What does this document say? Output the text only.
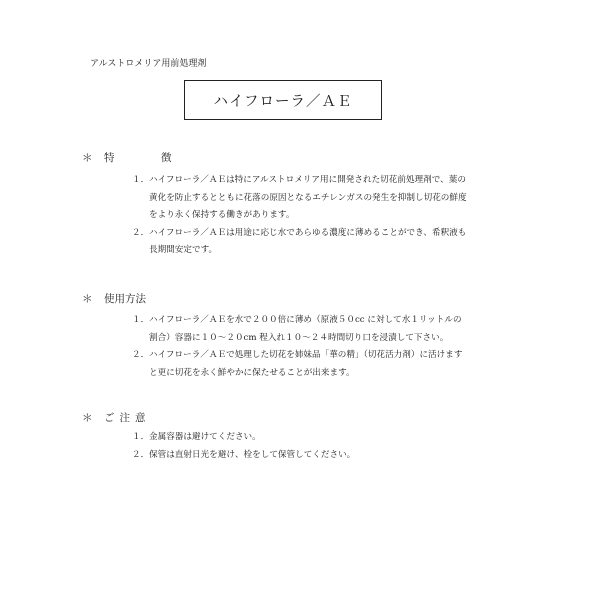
アルストロメリア用前処理剤
ハイフローラ／ＡＥ
＊	特　徴
１． ハイフローラ／ＡＥは特にアルストロメリア用に開発された切花前処理剤で、葉の
黄化を防止するとともに花落の原因となるエチレンガスの発生を抑制し切花の鮮度
をより永く保持する働きがあります。
２． ハイフローラ／ＡＥは用途に応じ水であらゆる濃度に薄めることができ、希釈液も
長期間安定です。
＊	使用方法
１． ハイフローラ／ＡＥを水で２００倍に薄め（原液５０cc に対して水１リットルの
割合）容器に１０～２０cm 程入れ１０～２４時間切り口を浸漬して下さい。
２． ハイフローラ／ＡＥで処理した切花を姉妹品「華の精」（切花活力剤）に活けます
と更に切花を永く鮮やかに保たせることが出来ます。
＊	ご注意
１． 金属容器は避けてください。
２． 保管は直射日光を避け、栓をして保管してください。
